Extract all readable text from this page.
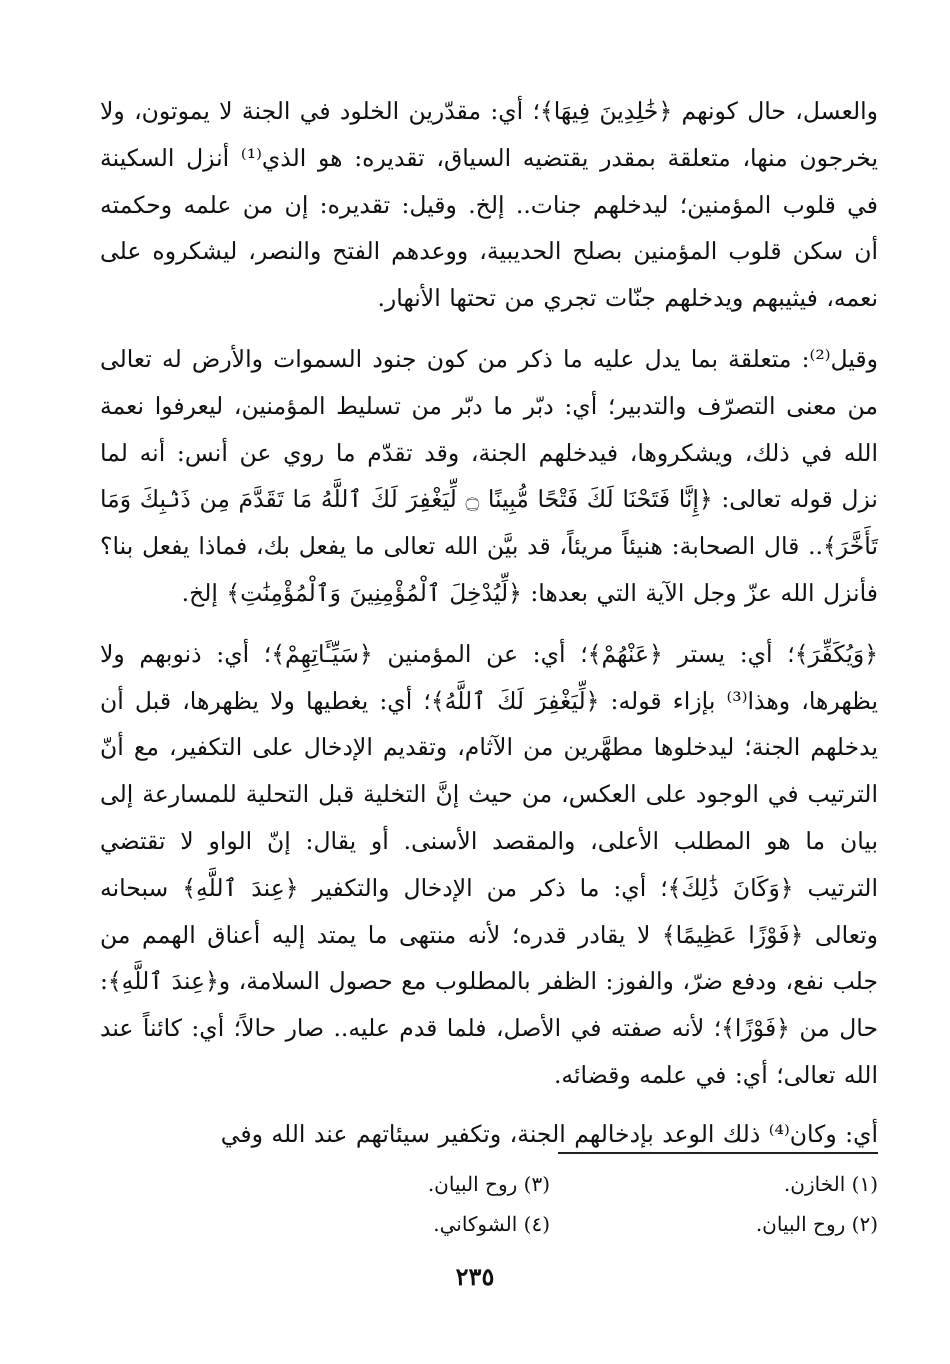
والعسل، حال كونهم ﴿خَٰلِدِينَ فِيهَا﴾؛ أي: مقدّرين الخلود في الجنة لا يموتون، ولا يخرجون منها، متعلقة بمقدر يقتضيه السياق، تقديره: هو الذي⁽¹⁾ أنزل السكينة في قلوب المؤمنين؛ ليدخلهم جنات.. إلخ. وقيل: تقديره: إن من علمه وحكمته أن سكن قلوب المؤمنين بصلح الحديبية، ووعدهم الفتح والنصر، ليشكروه على نعمه، فيثيبهم ويدخلهم جنّات تجري من تحتها الأنهار.

وقيل⁽²⁾: متعلقة بما يدل عليه ما ذكر من كون جنود السموات والأرض له تعالى من معنى التصرّف والتدبير؛ أي: دبّر ما دبّر من تسليط المؤمنين، ليعرفوا نعمة الله في ذلك، ويشكروها، فيدخلهم الجنة، وقد تقدّم ما روي عن أنس: أنه لما نزل قوله تعالى: ﴿إِنَّا فَتَحْنَا لَكَ فَتْحًا مُّبِينًا ۝ لِّيَغْفِرَ لَكَ ٱللَّهُ مَا تَقَدَّمَ مِن ذَنۢبِكَ وَمَا تَأَخَّرَ﴾.. قال الصحابة: هنيئاً مريئاً، قد بيَّن الله تعالى ما يفعل بك، فماذا يفعل بنا؟ فأنزل الله عزّ وجل الآية التي بعدها: ﴿لِّيُدْخِلَ ٱلْمُؤْمِنِينَ وَٱلْمُؤْمِنَٰتِ﴾ إلخ.

﴿وَيُكَفِّرَ﴾؛ أي: يستر ﴿عَنْهُمْ﴾؛ أي: عن المؤمنين ﴿سَيِّـَٔاتِهِمْ﴾؛ أي: ذنوبهم ولا يظهرها، وهذا⁽³⁾ بإزاء قوله: ﴿لِّيَغْفِرَ لَكَ ٱللَّهُ﴾؛ أي: يغطيها ولا يظهرها، قبل أن يدخلهم الجنة؛ ليدخلوها مطهَّرين من الآثام، وتقديم الإدخال على التكفير، مع أنّ الترتيب في الوجود على العكس، من حيث إنَّ التخلية قبل التحلية للمسارعة إلى بيان ما هو المطلب الأعلى، والمقصد الأسنى. أو يقال: إنّ الواو لا تقتضي الترتيب ﴿وَكَانَ ذَٰلِكَ﴾؛ أي: ما ذكر من الإدخال والتكفير ﴿عِندَ ٱللَّهِ﴾ سبحانه وتعالى ﴿فَوْزًا عَظِيمًا﴾ لا يقادر قدره؛ لأنه منتهى ما يمتد إليه أعناق الهمم من جلب نفع، ودفع ضرّ، والفوز: الظفر بالمطلوب مع حصول السلامة، و﴿عِندَ ٱللَّهِ﴾: حال من ﴿فَوْزًا﴾؛ لأنه صفته في الأصل، فلما قدم عليه.. صار حالاً؛ أي: كائناً عند الله تعالى؛ أي: في علمه وقضائه.

أي: وكان⁽⁴⁾ ذلك الوعد بإدخالهم الجنة، وتكفير سيئاتهم عند الله وفي

(١) الخازن.

(٢) روح البيان.

(٣) روح البيان.

(٤) الشوكاني.

٢٣٥
